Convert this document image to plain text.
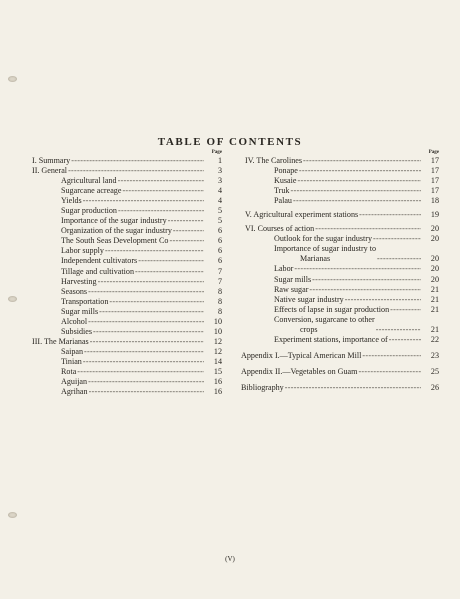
TABLE OF CONTENTS
Page
I. Summary -----	1
II. General -----	3
Agricultural land -----	3
Sugarcane acreage -----	4
Yields -----	4
Sugar production -----	5
Importance of the sugar industry -----	5
Organization of the sugar industry -----	6
The South Seas Development Co -----	6
Labor supply -----	6
Independent cultivators -----	6
Tillage and cultivation -----	7
Harvesting -----	7
Seasons -----	8
Transportation -----	8
Sugar mills -----	8
Alcohol -----	10
Subsidies -----	10
III. The Marianas -----	12
Saipan -----	12
Tinian -----	14
Rota -----	15
Aguijan -----	16
Agrihan -----	16
Page
IV. The Carolines -----	17
Ponape -----	17
Kusaie -----	17
Truk -----	17
Palau -----	18
V. Agricultural experiment stations -----	19
VI. Courses of action -----	20
Outlook for the sugar industry -----	20
Importance of sugar industry to
Marianas -----	20
Labor -----	20
Sugar mills -----	20
Raw sugar -----	21
Native sugar industry -----	21
Effects of lapse in sugar production -----	21
Conversion, sugarcane to other
crops -----	21
Experiment stations, importance of -----	22
Appendix I.—Typical American Mill -----	23
Appendix II.—Vegetables on Guam -----	25
Bibliography -----	26
(V)
